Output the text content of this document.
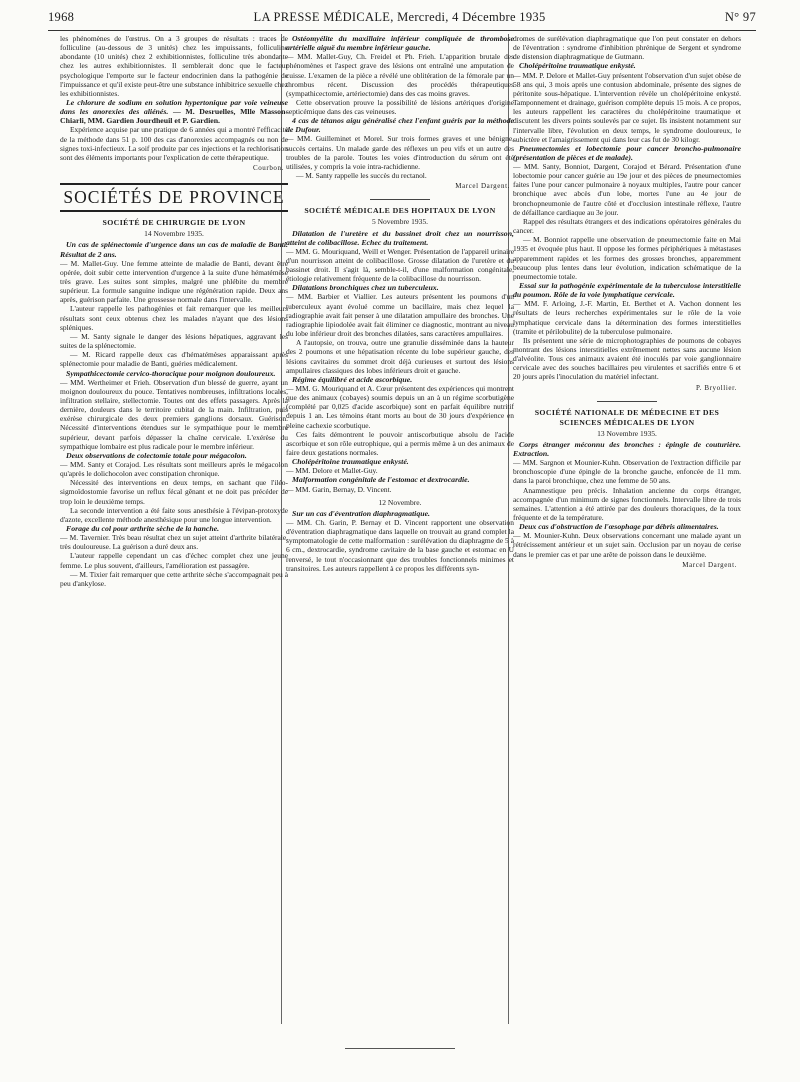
1968	LA PRESSE MÉDICALE, Mercredi, 4 Décembre 1935	N° 97

les phénomènes de l'œstrus. On a 3 groupes de résultats : traces de folliculine (au-dessous de 3 unités) chez les impuissants, folliculine abondante (10 unités) chez 2 exhibitionnistes, folliculine très abondante chez les autres exhibitionnistes. Il semblerait donc que le facteur psychologique l'emporte sur le facteur endocrinien dans la pathogénie de l'impuissance et qu'il existe peut-être une substance inhibitrice sexuelle chez les exhibitionnistes.

Le chlorure de sodium en solution hypertonique par voie veineuse dans les anorexies des aliénés. — M. Desruelles, Mlle Masson-Chiarli, MM. Gardien Jourdheuil et P. Gardien.

Expérience acquise par une pratique de 6 années qui a montré l'efficacité de la méthode dans 51 p. 100 des cas d'anorexies accompagnés ou non de signes toxi-infectieux. La soif produite par ces injections et la rechlorisation sont des éléments importants pour l'explication de cette thérapeutique.

Courbon.

SOCIÉTÉS DE PROVINCE
SOCIÉTÉ DE CHIRURGIE DE LYON
14 Novembre 1935.

Un cas de splénectomie d'urgence dans un cas de maladie de Banti. Résultat de 2 ans.

— M. Mallet-Guy. Une femme atteinte de maladie de Banti, devant être opérée, doit subir cette intervention d'urgence à la suite d'une hématémèse très grave. Les suites sont simples, malgré une phlébite du membre supérieur. La formule sanguine indique une régénération rapide. Deux ans après, guérison parfaite. Une grossesse normale dans l'intervalle.

L'auteur rappelle les pathogénies et fait remarquer que les meilleurs résultats sont ceux obtenus chez les malades n'ayant que des lésions spléniques.

— M. Santy signale le danger des lésions hépatiques, aggravant les suites de la splénectomie.

— M. Ricard rappelle deux cas d'hématémèses apparaissant après splénectomie pour maladie de Banti, guéries médicalement.

Sympathicectomie cervico-thoracique pour moignon douloureux.

— MM. Wertheimer et Frieh. Observation d'un blessé de guerre, ayant un moignon douloureux du pouce. Tentatives nombreuses, infiltrations locales, infiltration stellaire, stellectomie. Toutes ont des effets passagers. Après la dernière, douleurs dans le territoire cubital de la main. Infiltration, puis exérèse chirurgicale des deux premiers ganglions dorsaux. Guérison. Nécessité d'interventions étendues sur le sympathique pour le membre supérieur, devant parfois dépasser la chaîne cervicale. L'exérèse du sympathique lombaire est plus radicale pour le membre inférieur.

Deux observations de colectomie totale pour mégacolon.

— MM. Santy et Corajod. Les résultats sont meilleurs après le mégacolon qu'après le dolichocolon avec constipation chronique.

Nécessité des interventions en deux temps, en sachant que l'iléo-sigmoïdostomie favorise un reflux fécal gênant et ne doit pas précéder de trop loin le deuxième temps.

La seconde intervention a été faite sous anesthésie à l'évipan-protoxyde d'azote, excellente méthode anesthésique pour une longue intervention.

Forage du col pour arthrite sèche de la hanche.

— M. Tavernier. Très beau résultat chez un sujet atteint d'arthrite bilatérale, très douloureuse. La guérison a duré deux ans.

L'auteur rappelle cependant un cas d'échec complet chez une jeune femme. Le plus souvent, d'ailleurs, l'amélioration est passagère.

— M. Tixier fait remarquer que cette arthrite sèche s'accompagnait peu à peu d'ankylose.

Ostéomyélite du maxillaire inférieur compliquée de thrombose artérielle aiguë du membre inférieur gauche.

— MM. Mallet-Guy, Ch. Freidel et Ph. Frieh. L'apparition brutale des phénomènes et l'aspect grave des lésions ont entraîné une amputation de cuisse. L'examen de la pièce a révélé une oblitération de la fémorale par un thrombus récent. Discussion des procédés thérapeutiques (sympathicectomie, artériectomie) dans des cas moins graves.

Cette observation prouve la possibilité de lésions artériques d'origine septicémique dans des cas veineuses.

4 cas de tétanos aigu généralisé chez l'enfant guéris par la méthode de Dufour.

— MM. Guilleminet et Morel. Sur trois formes graves et une bénigne, succès certains. Un malade garde des réflexes un peu vifs et un autre des troubles de la parole. Toutes les voies d'introduction du sérum ont été utilisées, y compris la voie intra-rachidienne.

— M. Santy rappelle les succès du rectanol.

Marcel Dargent.

SOCIÉTÉ MÉDICALE DES HOPITAUX DE LYON
5 Novembre 1935.

Dilatation de l'uretère et du bassinet droit chez un nourrisson, atteint de colibacillose. Echec du traitement.

— MM. G. Mouriquand, Weill et Wenger. Présentation de l'appareil urinaire d'un nourrisson atteint de colibacillose. Grosse dilatation de l'uretère et du bassinet droit. Il s'agit là, semble-t-il, d'une malformation congénitale, étiologie relativement fréquente de la colibacillose du nourrisson.

Dilatations bronchiques chez un tuberculeux.

— MM. Barbier et Viallier. Les auteurs présentent les poumons d'un tuberculeux ayant évolué comme un bacillaire, mais chez lequel la radiographie avait fait penser à une dilatation ampullaire des bronches. Une radiographie lipiodolée avait fait éliminer ce diagnostic, montrant au niveau du lobe inférieur droit des bronches dilatées, sans caractères ampullaires.

A l'autopsie, on trouva, outre une granulie disséminée dans la hauteur des 2 poumons et une hépatisation récente du lobe supérieur gauche, des lésions cavitaires du sommet droit déjà curieuses et surtout des lésions ampullaires classiques des lobes inférieurs droit et gauche.

Régime équilibré et acide ascorbique.

— MM. G. Mouriquand et A. Cœur présentent des expériences qui montrent que des animaux (cobayes) soumis depuis un an à un régime scorbutigène (complété par 0,025 d'acide ascorbique) sont en parfait équilibre nutritif depuis 1 an. Les témoins étant morts au bout de 30 jours d'expérience en pleine cachexie scorbutique.

Ces faits démontrent le pouvoir antiscorbutique absolu de l'acide ascorbique et son rôle eutrophique, qui a permis même à un des animaux de faire deux gestations normales.

Cholépéritoine traumatique enkysté.

— MM. Delore et Mallet-Guy.

Malformation congénitale de l'estomac et dextrocardie.

— MM. Garin, Bernay, D. Vincent.

12 Novembre.

Sur un cas d'éventration diaphragmatique.

— MM. Ch. Garin, P. Bernay et D. Vincent rapportent une observation d'éventration diaphragmatique dans laquelle on trouvait au grand complet la symptomatologie de cette malformation : surélévation du diaphragme de 5 à 6 cm., dextrocardie, syndrome cavitaire de la base gauche et estomac en U renversé, le tout n'occasionnant que des troubles fonctionnels minimes et transitoires. Les auteurs rappellent à ce propos les différents syn-

dromes de surélévation diaphragmatique que l'on peut constater en dehors de l'éventration : syndrome d'inhibition phrénique de Sergent et syndrome de distension diaphragmatique de Gutmann.

Cholépéritoine traumatique enkysté.

— MM. P. Delore et Mallet-Guy présentent l'observation d'un sujet obèse de 58 ans qui, 3 mois après une contusion abdominale, présente des signes de péritonite sous-hépatique. L'intervention révèle un cholépéritoine enkysté. Tamponnement et drainage, guérison complète depuis 15 mois. A ce propos, les auteurs rappellent les caractères du cholépéritoine traumatique et discutent les divers points soulevés par ce sujet. Ils insistent notamment sur l'intervalle libre, l'évolution en deux temps, le syndrome douloureux, le subictère et l'amaigrissement qui dans leur cas fut de 30 kilogr.

Pneumectomies et lobectomie pour cancer broncho-pulmonaire (présentation de pièces et de malade).

— MM. Santy, Bonniot, Dargent, Corajod et Bérard. Présentation d'une lobectomie pour cancer guérie au 19e jour et des pièces de pneumectomies faites l'une pour cancer pulmonaire à noyaux multiples, l'autre pour cancer bronchique avec abcès d'un lobe, mortes l'une au 4e jour de bronchopneumonie de l'autre côté et d'occlusion intestinale réflexe, l'autre de défaillance cardiaque au 3e jour.

Rappel des résultats étrangers et des indications opératoires générales du cancer.

— M. Bonniot rappelle une observation de pneumectomie faite en Mai 1935 et évoquée plus haut. Il oppose les formes périphériques à métastases apparemment rapides et les formes des grosses bronches, apparemment beaucoup plus lentes dans leur évolution, indication schématique de la pneumectomie totale.

Essai sur la pathogénie expérimentale de la tuberculose interstitielle du poumon. Rôle de la voie lymphatique cervicale.

— MM. F. Arloing, J.-F. Martin, Et. Berthet et A. Vachon donnent les résultats de leurs recherches expérimentales sur le rôle de la voie lymphatique cervicale dans la détermination des formes interstitielles (tramite et périlobulite) de la tuberculose pulmonaire.

Ils présentent une série de microphotographies de poumons de cobayes montrant des lésions interstitielles extrêmement nettes sans aucune lésion d'alvéolite. Tous ces animaux avaient été inoculés par voie ganglionnaire cervicale avec des souches bacillaires peu virulentes et sacrifiés entre 6 et 20 jours après l'inoculation du matériel infectant.

P. Bryollier.

SOCIÉTÉ NATIONALE DE MÉDECINE ET DES SCIENCES MÉDICALES DE LYON
13 Novembre 1935.

Corps étranger méconnu des bronches : épingle de couturière. Extraction.

— MM. Sargnon et Mounier-Kuhn. Observation de l'extraction difficile par bronchoscopie d'une épingle de la bronche gauche, enfoncée de 11 mm. dans la paroi bronchique, chez une femme de 50 ans.

Anamnestique peu précis. Inhalation ancienne du corps étranger, accompagnée d'un minimum de signes fonctionnels. Intervalle libre de trois semaines. L'attention a été attirée par des douleurs thoraciques, de la toux fréquente et de la température.

Deux cas d'obstruction de l'œsophage par débris alimentaires.

— M. Mounier-Kuhn. Deux observations concernant une malade ayant un rétrécissement antérieur et un sujet sain. Occlusion par un noyau de cerise dans le premier cas et par une arête de poisson dans le deuxième.

Marcel Dargent.
